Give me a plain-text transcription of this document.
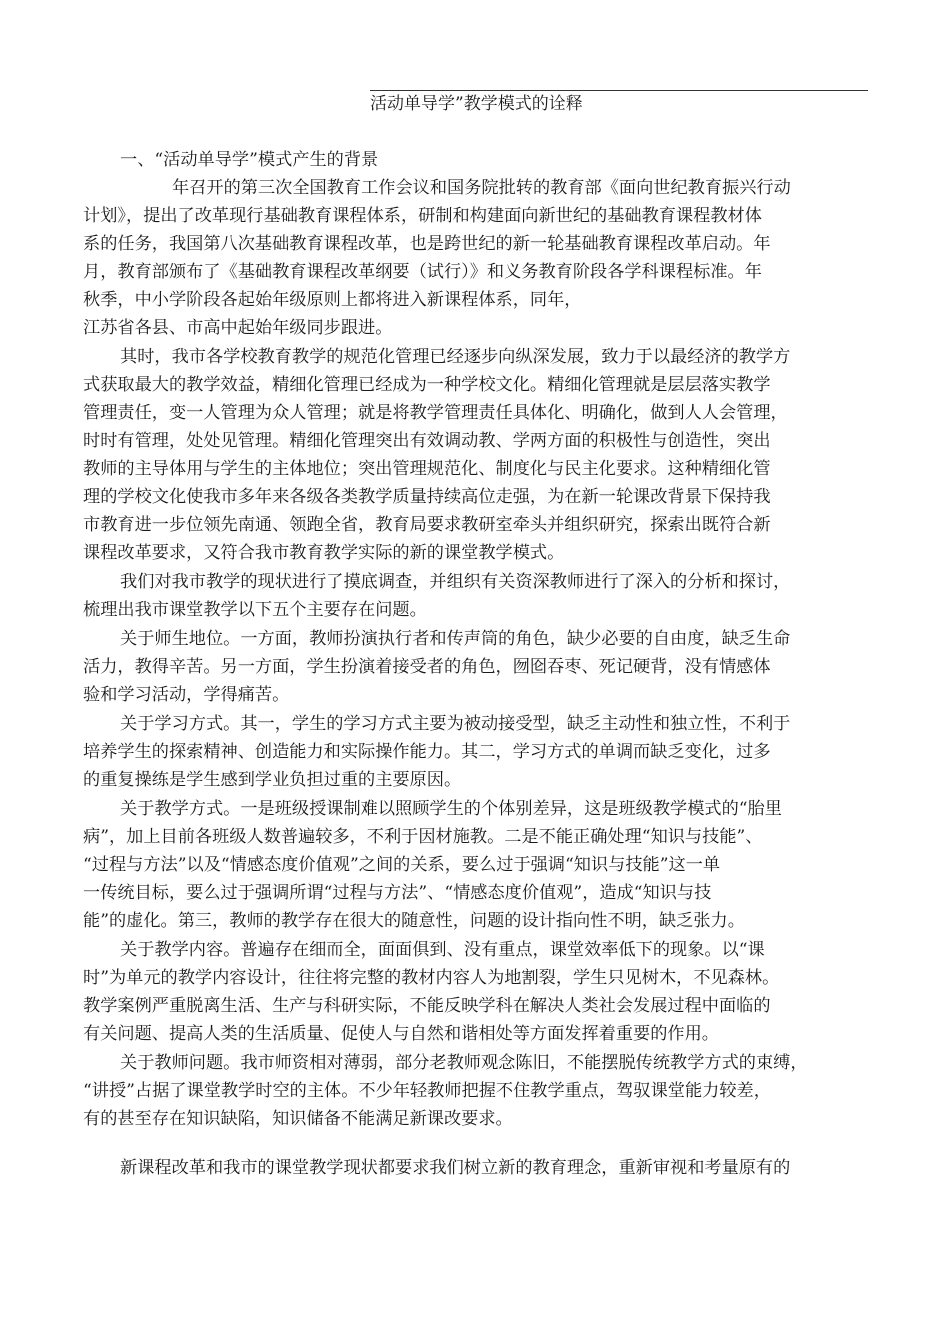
活动单导学”教学模式的诠释
一、“活动单导学”模式产生的背景
年召开的第三次全国教育工作会议和国务院批转的教育部《面向世纪教育振兴行动
计划》，提出了改革现行基础教育课程体系，研制和构建面向新世纪的基础教育课程教材体
系的任务，我国第八次基础教育课程改革，也是跨世纪的新一轮基础教育课程改革启动。年
月，教育部颁布了《基础教育课程改革纲要（试行）》和义务教育阶段各学科课程标准。年
秋季，中小学阶段各起始年级原则上都将进入新课程体系，同年，
江苏省各县、市高中起始年级同步跟进。
其时，我市各学校教育教学的规范化管理已经逐步向纵深发展，致力于以最经济的教学方
式获取最大的教学效益，精细化管理已经成为一种学校文化。精细化管理就是层层落实教学
管理责任，变一人管理为众人管理；就是将教学管理责任具体化、明确化，做到人人会管理，
时时有管理，处处见管理。精细化管理突出有效调动教、学两方面的积极性与创造性，突出
教师的主导体用与学生的主体地位；突出管理规范化、制度化与民主化要求。这种精细化管
理的学校文化使我市多年来各级各类教学质量持续高位走强，为在新一轮课改背景下保持我
市教育进一步位领先南通、领跑全省，教育局要求教研室牵头并组织研究，探索出既符合新
课程改革要求，又符合我市教育教学实际的新的课堂教学模式。
我们对我市教学的现状进行了摸底调查，并组织有关资深教师进行了深入的分析和探讨，
梳理出我市课堂教学以下五个主要存在问题。
关于师生地位。一方面，教师扮演执行者和传声筒的角色，缺少必要的自由度，缺乏生命
活力，教得辛苦。另一方面，学生扮演着接受者的角色，囫囵吞枣、死记硬背，没有情感体
验和学习活动，学得痛苦。
关于学习方式。其一，学生的学习方式主要为被动接受型，缺乏主动性和独立性，不利于
培养学生的探索精神、创造能力和实际操作能力。其二，学习方式的单调而缺乏变化，过多
的重复操练是学生感到学业负担过重的主要原因。
关于教学方式。一是班级授课制难以照顾学生的个体别差异，这是班级教学模式的“胎里
病”，加上目前各班级人数普遍较多，不利于因材施教。二是不能正确处理“知识与技能”、
“过程与方法”以及“情感态度价值观”之间的关系，要么过于强调“知识与技能”这一单
一传统目标，要么过于强调所谓“过程与方法”、“情感态度价值观”，造成“知识与技
能”的虚化。第三，教师的教学存在很大的随意性，问题的设计指向性不明，缺乏张力。
关于教学内容。普遍存在细而全，面面俱到、没有重点，课堂效率低下的现象。以“课
时”为单元的教学内容设计，往往将完整的教材内容人为地割裂，学生只见树木，不见森林。
教学案例严重脱离生活、生产与科研实际，不能反映学科在解决人类社会发展过程中面临的
有关问题、提高人类的生活质量、促使人与自然和谐相处等方面发挥着重要的作用。
关于教师问题。我市师资相对薄弱，部分老教师观念陈旧，不能摆脱传统教学方式的束缚，
“讲授”占据了课堂教学时空的主体。不少年轻教师把握不住教学重点，驾驭课堂能力较差，
有的甚至存在知识缺陷，知识储备不能满足新课改要求。
新课程改革和我市的课堂教学现状都要求我们树立新的教育理念，重新审视和考量原有的
